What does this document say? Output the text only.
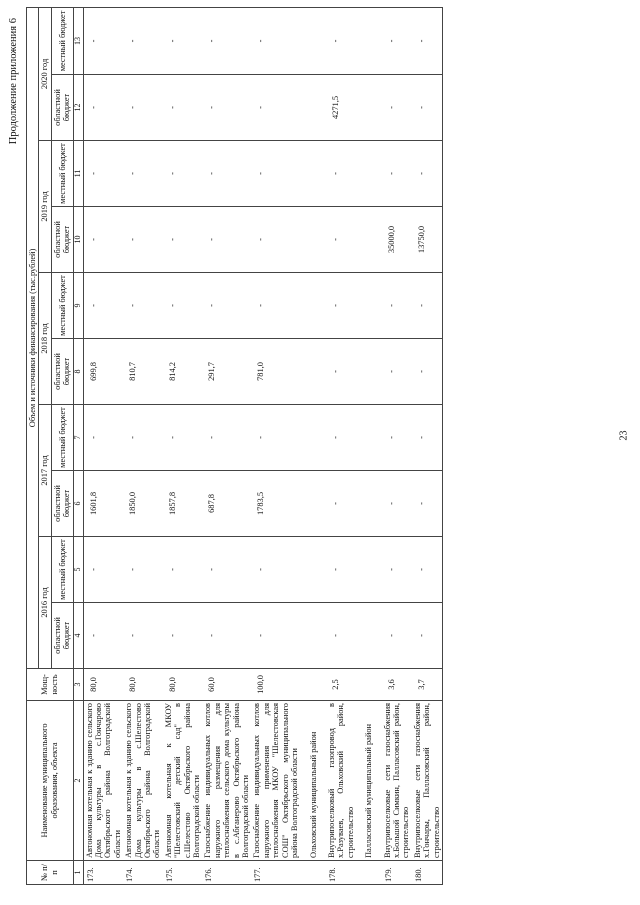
23
Продолжение приложения 6
№ п/п	Наименование муниципального образования, объекта	Мощ-ность	Объем и источники финансирования (тыс.рублей)									
			2016 год		2017 год		2018 год		2019 год		2020 год	
			областной бюджет	местный бюджет	областной бюджет	местный бюджет	областной бюджет	местный бюджет	областной бюджет	местный бюджет	областной бюджет	местный бюджет
1	2	3	4	5	6	7	8	9	10	11	12	13
173.	Автономная котельная к зданию сельского Дома культуры в с.Гончарово Октябрьского района Волгоградской области	80,0	-	-	1601,8	-	699,8	-	-	-	-	-
174.	Автономная котельная к зданию сельского Дома культуры в с.Шелестово Октябрьского района Волгоградской области	80,0	-	-	1850,0	-	810,7	-	-	-	-	-
175.	Автономная котельная к МКОУ "Шелестовский детский сад" в с.Шелестово Октябрьского района Волгоградской области	80,0	-	-	1857,8	-	814,2	-	-	-	-	-
176.	Газоснабжение индивидуальных котлов наружного размещения для теплоснабжения сельского дома культуры в с.Абганерово Октябрьского района Волгоградской области	60,0	-	-	687,8	-	291,7	-	-	-	-	-
177.	Газоснабжение индивидуальных котлов наружного применения для теплоснабжения МКОУ "Шелестовская СОШ" Октябрьского муниципального района Волгоградской области	100,0	-	-	1783,5	-	781,0	-	-	-	-	-
	Ольховский муниципальный район											
178.	Внутрипоселковый газопровод в х.Разуваев, Ольховский район, строительство	2,5	-	-	-	-	-	-	-	-	4271,5	-
	Палласовский муниципальный район											
179.	Внутрипоселковые сети газоснабжения х.Большой Симкин, Палласовский район, строительство	3,6	-	-	-	-	-	-	35000,0	-	-	-
180.	Внутрипоселковые сети газоснабжения х.Гончары, Палласовский район, строительство	3,7	-	-	-	-	-	-	13750,0	-	-	-
